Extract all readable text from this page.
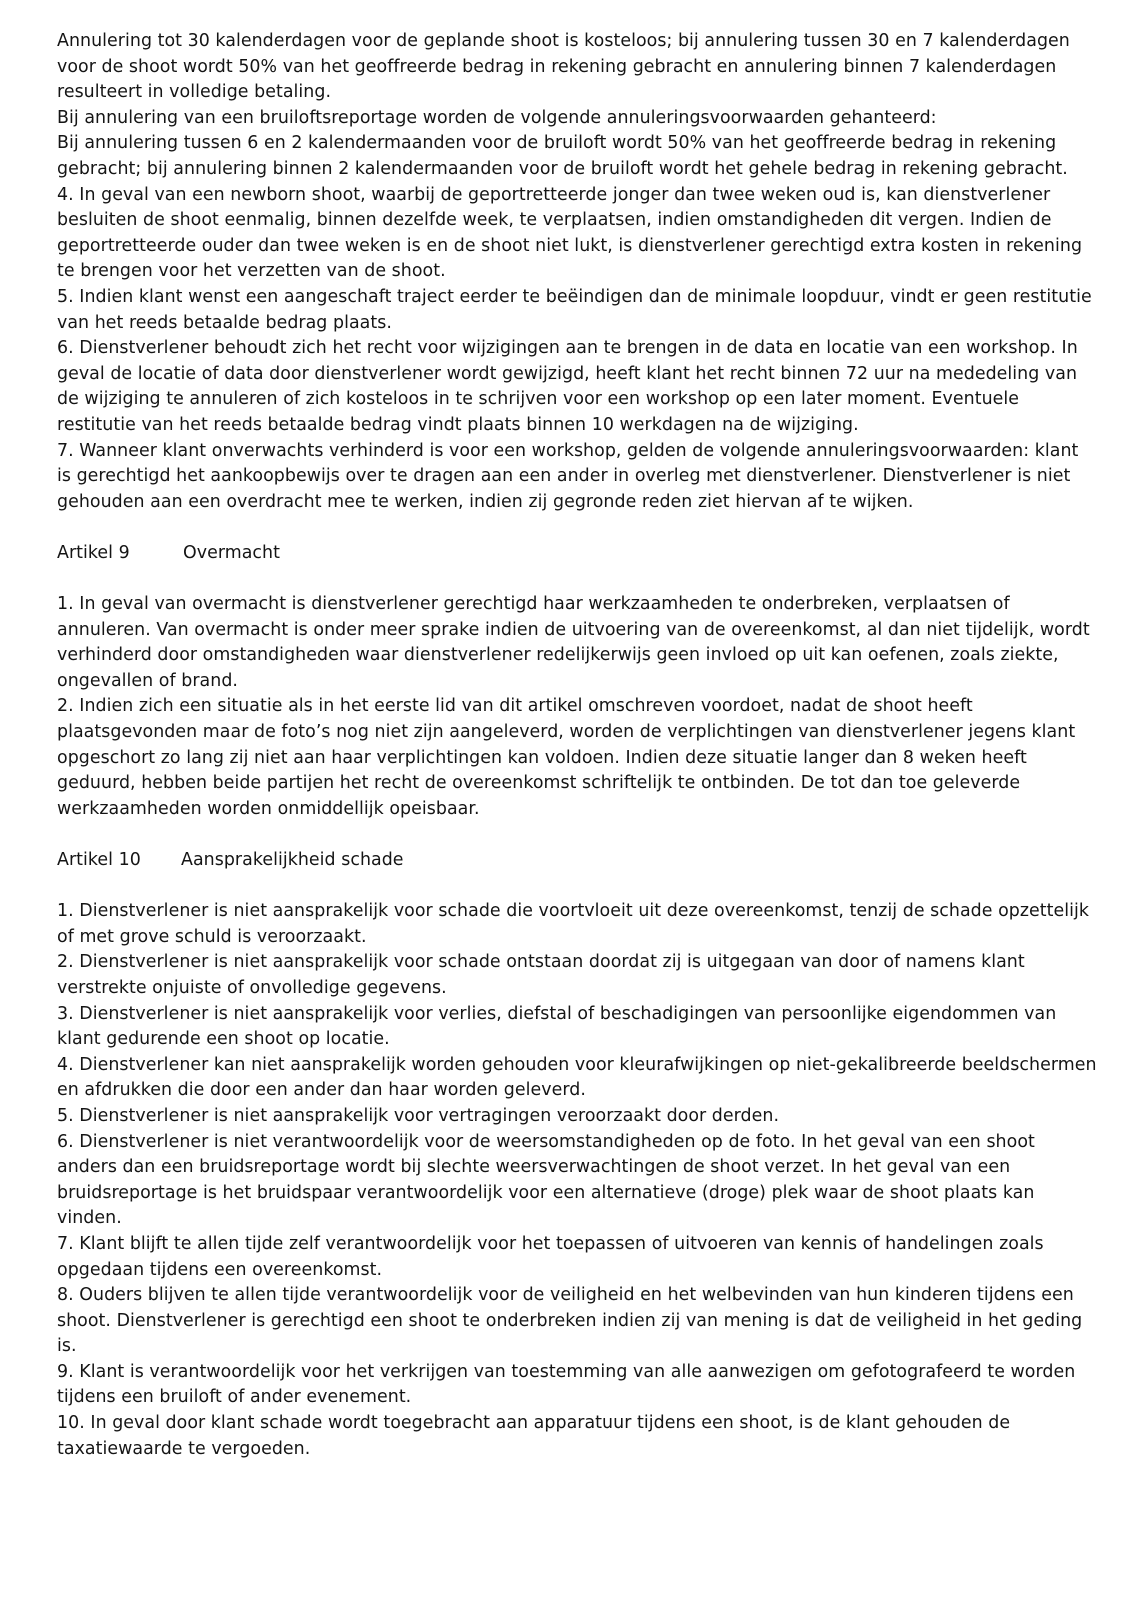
Annulering tot 30 kalenderdagen voor de geplande shoot is kosteloos; bij annulering tussen 30 en 7 kalenderdagen voor de shoot wordt 50% van het geoffreerde bedrag in rekening gebracht en annulering binnen 7 kalenderdagen resulteert in volledige betaling.

Bij annulering van een bruiloftsreportage worden de volgende annuleringsvoorwaarden gehanteerd:

Bij annulering tussen 6 en 2 kalendermaanden voor de bruiloft wordt 50% van het geoffreerde bedrag in rekening gebracht; bij annulering binnen 2 kalendermaanden voor de bruiloft wordt het gehele bedrag in rekening gebracht.

4. In geval van een newborn shoot, waarbij de geportretteerde jonger dan twee weken oud is, kan dienstverlener besluiten de shoot eenmalig, binnen dezelfde week, te verplaatsen, indien omstandigheden dit vergen. Indien de geportretteerde ouder dan twee weken is en de shoot niet lukt, is dienstverlener gerechtigd extra kosten in rekening te brengen voor het verzetten van de shoot.

5. Indien klant wenst een aangeschaft traject eerder te beëindigen dan de minimale loopduur, vindt er geen restitutie van het reeds betaalde bedrag plaats.

6. Dienstverlener behoudt zich het recht voor wijzigingen aan te brengen in de data en locatie van een workshop. In geval de locatie of data door dienstverlener wordt gewijzigd, heeft klant het recht binnen 72 uur na mededeling van de wijziging te annuleren of zich kosteloos in te schrijven voor een workshop op een later moment. Eventuele restitutie van het reeds betaalde bedrag vindt plaats binnen 10 werkdagen na de wijziging.

7. Wanneer klant onverwachts verhinderd is voor een workshop, gelden de volgende annuleringsvoorwaarden: klant is gerechtigd het aankoopbewijs over te dragen aan een ander in overleg met dienstverlener. Dienstverlener is niet gehouden aan een overdracht mee te werken, indien zij gegronde reden ziet hiervan af te wijken.

Artikel 9	Overmacht

1. In geval van overmacht is dienstverlener gerechtigd haar werkzaamheden te onderbreken, verplaatsen of annuleren. Van overmacht is onder meer sprake indien de uitvoering van de overeenkomst, al dan niet tijdelijk, wordt verhinderd door omstandigheden waar dienstverlener redelijkerwijs geen invloed op uit kan oefenen, zoals ziekte, ongevallen of brand.

2. Indien zich een situatie als in het eerste lid van dit artikel omschreven voordoet, nadat de shoot heeft plaatsgevonden maar de foto’s nog niet zijn aangeleverd, worden de verplichtingen van dienstverlener jegens klant opgeschort zo lang zij niet aan haar verplichtingen kan voldoen. Indien deze situatie langer dan 8 weken heeft geduurd, hebben beide partijen het recht de overeenkomst schriftelijk te ontbinden. De tot dan toe geleverde werkzaamheden worden onmiddellijk opeisbaar.

Artikel 10	Aansprakelijkheid schade

1. Dienstverlener is niet aansprakelijk voor schade die voortvloeit uit deze overeenkomst, tenzij de schade opzettelijk of met grove schuld is veroorzaakt.

2. Dienstverlener is niet aansprakelijk voor schade ontstaan doordat zij is uitgegaan van door of namens klant verstrekte onjuiste of onvolledige gegevens.

3. Dienstverlener is niet aansprakelijk voor verlies, diefstal of beschadigingen van persoonlijke eigendommen van klant gedurende een shoot op locatie.

4. Dienstverlener kan niet aansprakelijk worden gehouden voor kleurafwijkingen op niet-gekalibreerde beeldschermen en afdrukken die door een ander dan haar worden geleverd.

5. Dienstverlener is niet aansprakelijk voor vertragingen veroorzaakt door derden.

6. Dienstverlener is niet verantwoordelijk voor de weersomstandigheden op de foto. In het geval van een shoot anders dan een bruidsreportage wordt bij slechte weersverwachtingen de shoot verzet. In het geval van een bruidsreportage is het bruidspaar verantwoordelijk voor een alternatieve (droge) plek waar de shoot plaats kan vinden.

7. Klant blijft te allen tijde zelf verantwoordelijk voor het toepassen of uitvoeren van kennis of handelingen zoals opgedaan tijdens een overeenkomst.

8. Ouders blijven te allen tijde verantwoordelijk voor de veiligheid en het welbevinden van hun kinderen tijdens een shoot. Dienstverlener is gerechtigd een shoot te onderbreken indien zij van mening is dat de veiligheid in het geding is.

9. Klant is verantwoordelijk voor het verkrijgen van toestemming van alle aanwezigen om gefotografeerd te worden tijdens een bruiloft of ander evenement.

10. In geval door klant schade wordt toegebracht aan apparatuur tijdens een shoot, is de klant gehouden de taxatiewaarde te vergoeden.
